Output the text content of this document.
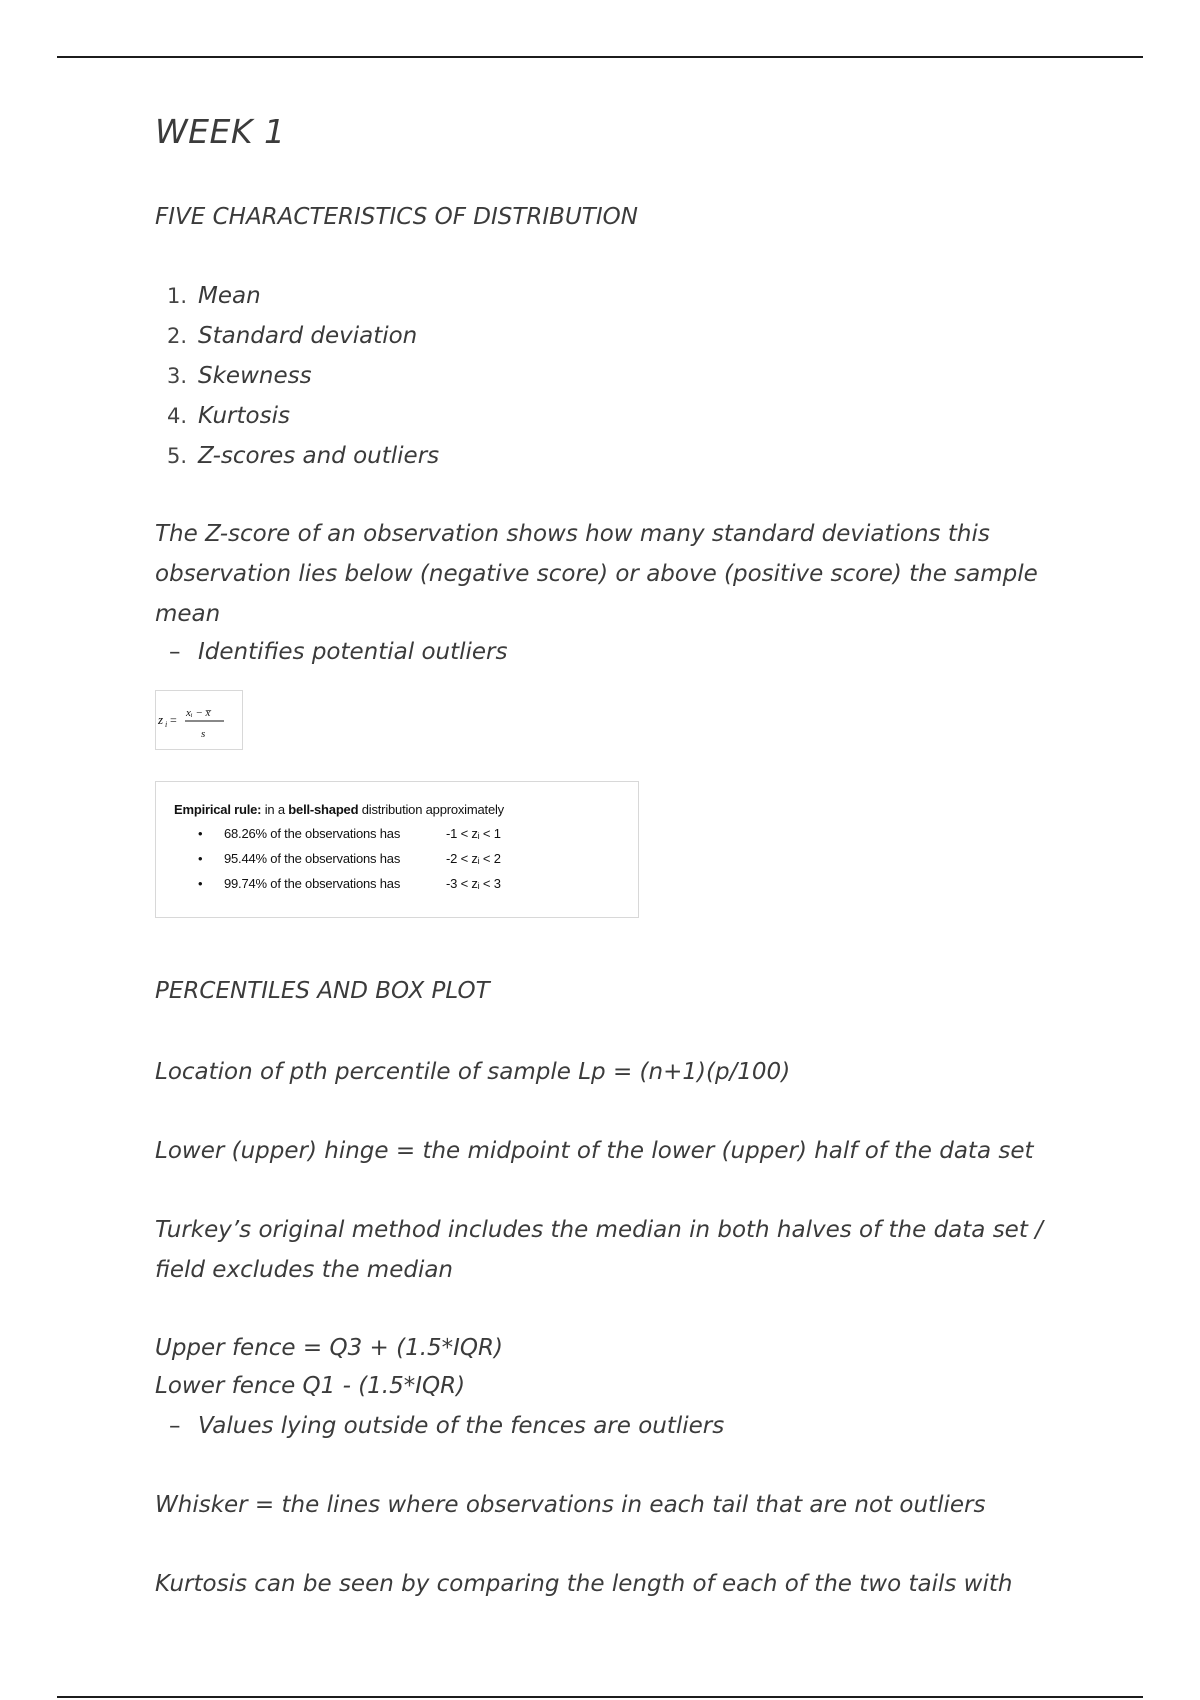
WEEK 1

FIVE CHARACTERISTICS OF DISTRIBUTION

1. Mean
2. Standard deviation
3. Skewness
4. Kurtosis
5. Z-scores and outliers

The Z-score of an observation shows how many standard deviations this observation lies below (negative score) or above (positive score) the sample mean

– Identifies potential outliers
z i = xᵢ − x̅
s
Empirical rule: in a bell-shaped distribution approximately
• 68.26% of the observations has	-1 < zᵢ < 1
• 95.44% of the observations has	-2 < zᵢ < 2
• 99.74% of the observations has	-3 < zᵢ < 3

PERCENTILES AND BOX PLOT

Location of pth percentile of sample Lp = (n+1)(p/100)

Lower (upper) hinge = the midpoint of the lower (upper) half of the data set

Turkey’s original method includes the median in both halves of the data set / field excludes the median

Upper fence = Q3 + (1.5*IQR)

Lower fence Q1 - (1.5*IQR)

– Values lying outside of the fences are outliers

Whisker = the lines where observations in each tail that are not outliers

Kurtosis can be seen by comparing the length of each of the two tails with
